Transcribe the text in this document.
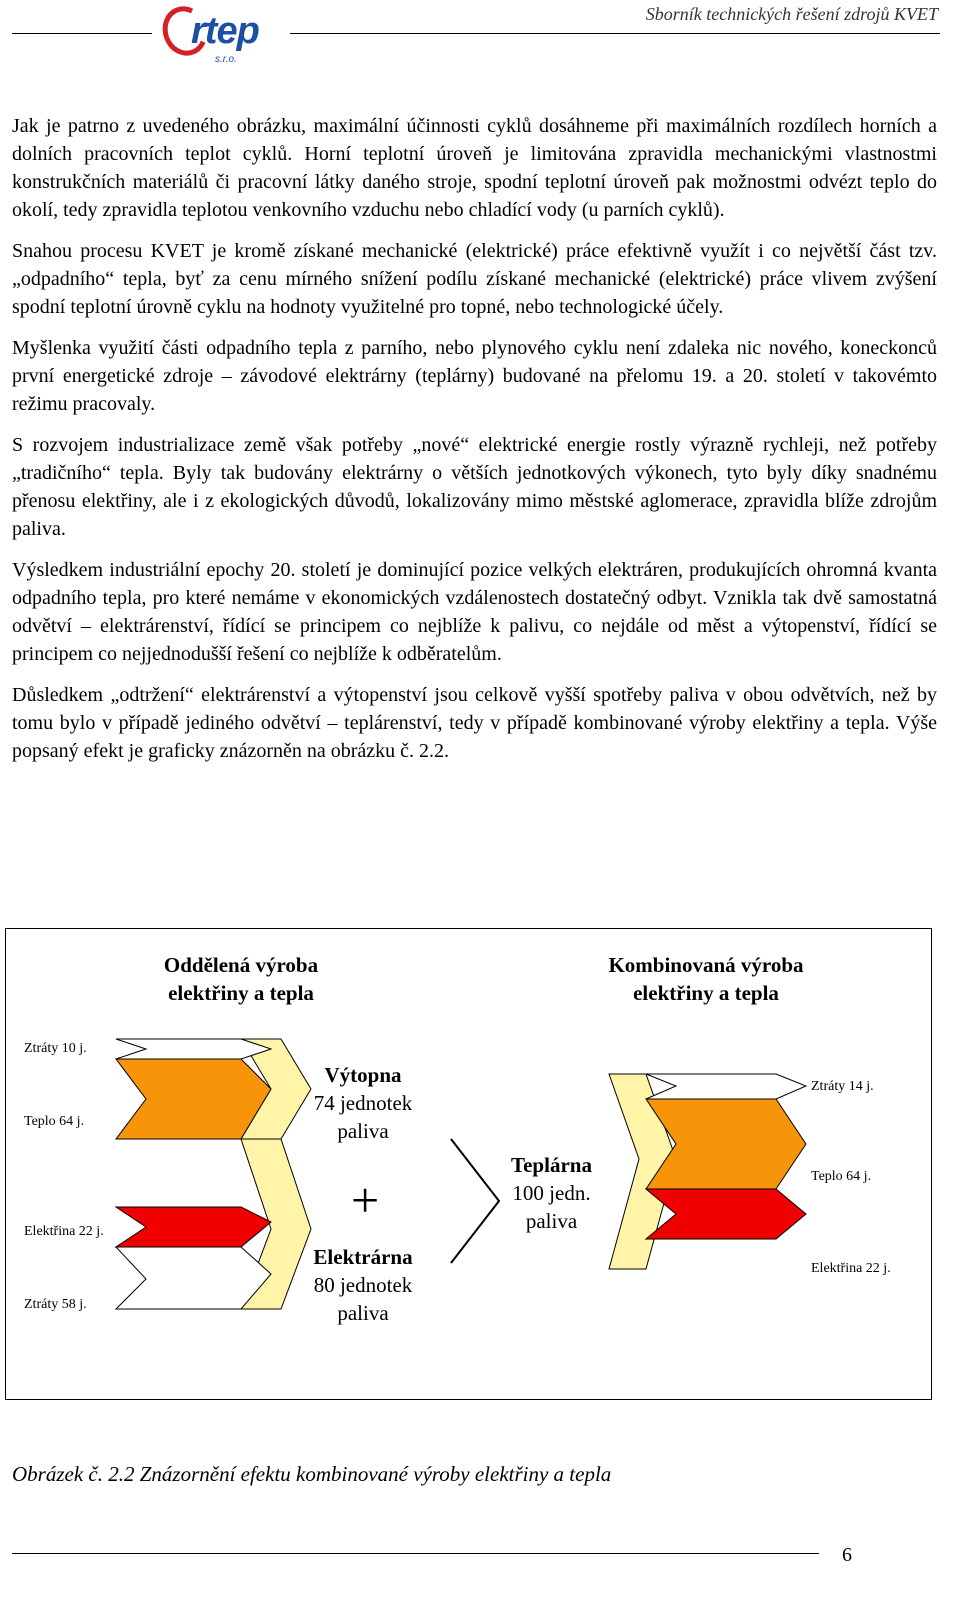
rtep
s.r.o.
Sborník technických řešení zdrojů KVET

Jak je patrno z uvedeného obrázku, maximální účinnosti cyklů dosáhneme při maximálních rozdílech horních a dolních pracovních teplot cyklů. Horní teplotní úroveň je limitována zpravidla mechanickými vlastnostmi konstrukčních materiálů či pracovní látky daného stroje, spodní teplotní úroveň pak možnostmi odvézt teplo do okolí, tedy zpravidla teplotou venkovního vzduchu nebo chladící vody (u parních cyklů).

Snahou procesu KVET je kromě získané mechanické (elektrické) práce efektivně využít i co největší část tzv. „odpadního“ tepla, byť za cenu mírného snížení podílu získané mechanické (elektrické) práce vlivem zvýšení spodní teplotní úrovně cyklu na hodnoty využitelné pro topné, nebo technologické účely.

Myšlenka využití části odpadního tepla z parního, nebo plynového cyklu není zdaleka nic nového, koneckonců první energetické zdroje – závodové elektrárny (teplárny) budované na přelomu 19. a 20. století v takovémto režimu pracovaly.

S rozvojem industrializace země však potřeby „nové“ elektrické energie rostly výrazně rychleji, než potřeby „tradičního“ tepla. Byly tak budovány elektrárny o větších jednotkových výkonech, tyto byly díky snadnému přenosu elektřiny, ale i z ekologických důvodů, lokalizovány mimo městské aglomerace, zpravidla blíže zdrojům paliva.

Výsledkem industriální epochy 20. století je dominující pozice velkých elektráren, produkujících ohromná kvanta odpadního tepla, pro které nemáme v ekonomických vzdálenostech dostatečný odbyt. Vznikla tak dvě samostatná odvětví – elektrárenství, řídící se principem co nejblíže k palivu, co nejdále od měst a výtopenství, řídící se principem co nejjednodušší řešení co nejblíže k odběratelům.

Důsledkem „odtržení“ elektrárenství a výtopenství jsou celkově vyšší spotřeby paliva v obou odvětvích, než by tomu bylo v případě jediného odvětví – teplárenství, tedy v případě kombinované výroby elektřiny a tepla. Výše popsaný efekt je graficky znázorněn na obrázku č. 2.2.

Oddělená výroba
elektřiny a tepla
Kombinovaná výroba
elektřiny a tepla
Ztráty 10 j.
Teplo 64 j.
Elektřina 22 j.
Ztráty 58 j.
Ztráty 14 j.
Teplo 64 j.
Elektřina 22 j.
Výtopna
74 jednotek
paliva
+
Elektrárna
80 jednotek
paliva
Teplárna
100 jedn.
paliva
Obrázek č. 2.2 Znázornění efektu kombinované výroby elektřiny a tepla
6
